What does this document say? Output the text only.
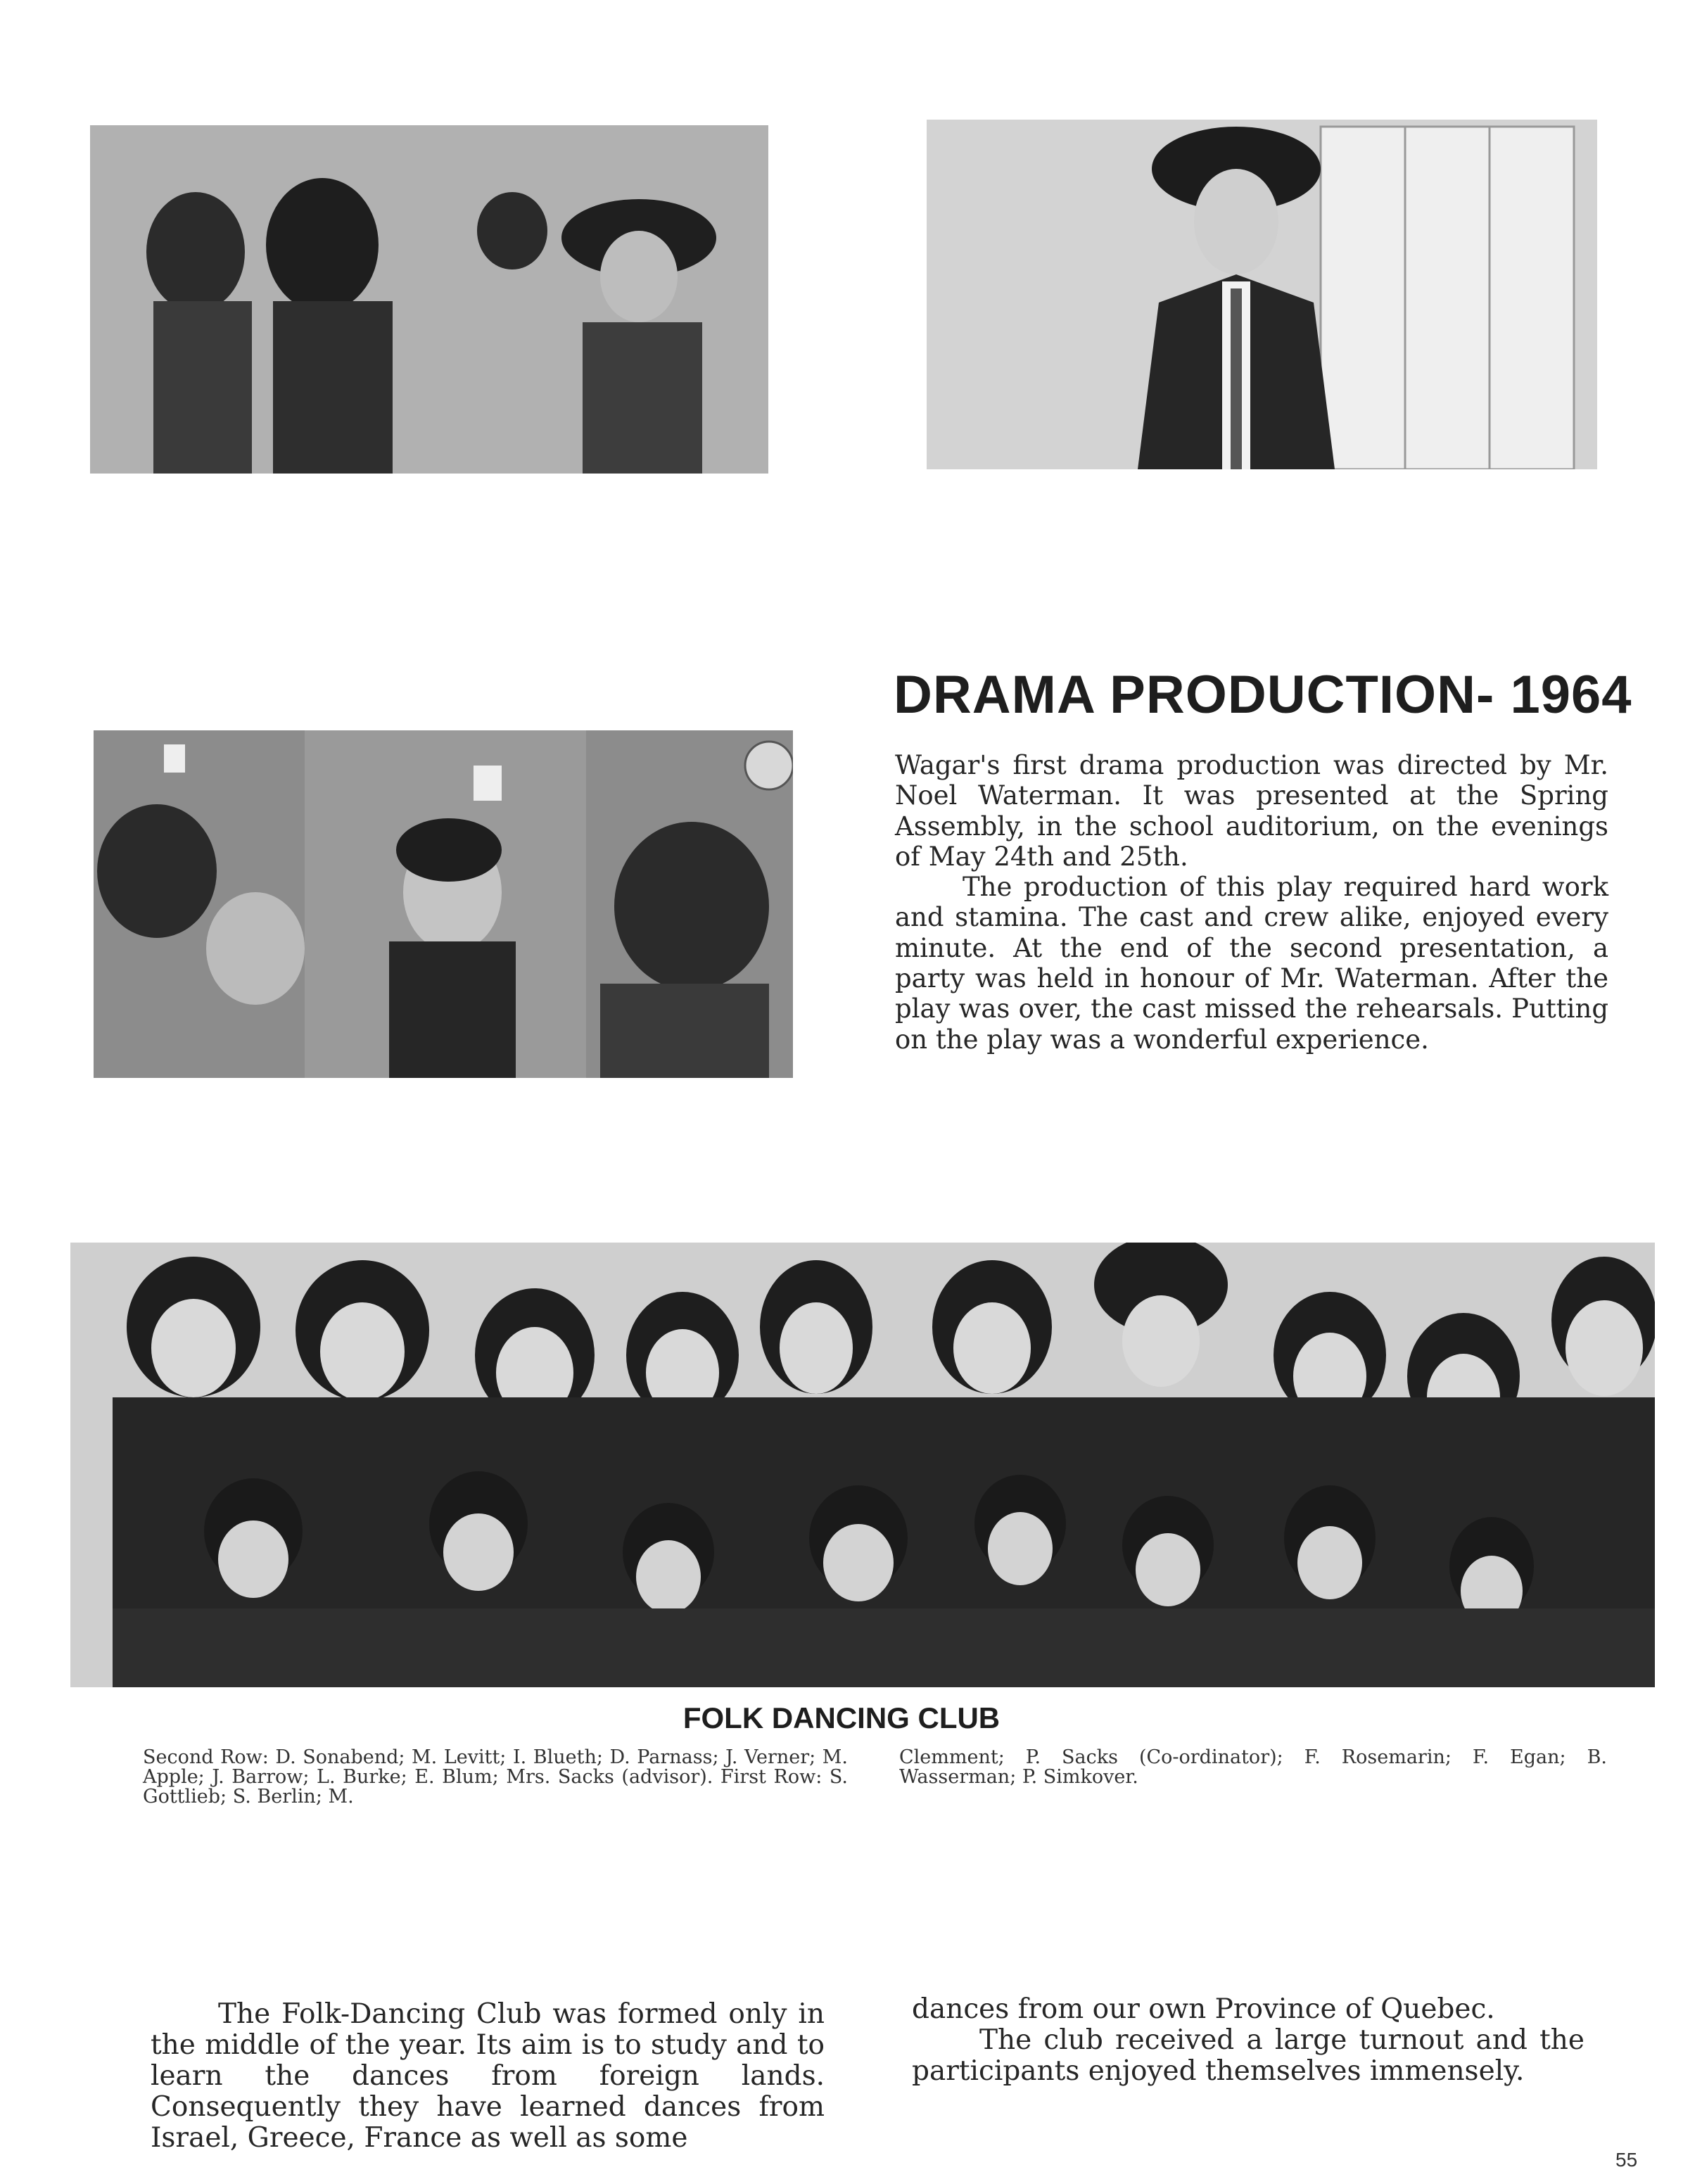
DRAMA PRODUCTION- 1964

Wagar's first drama production was directed by Mr. Noel Waterman. It was presented at the Spring Assembly, in the school auditorium, on the evenings of May 24th and 25th.

The production of this play required hard work and stamina. The cast and crew alike, enjoyed every minute. At the end of the second presentation, a party was held in honour of Mr. Waterman. After the play was over, the cast missed the rehearsals. Putting on the play was a wonderful experience.

FOLK DANCING CLUB
Second Row: D. Sonabend; M. Levitt; I. Blueth; D. Parnass; J. Verner; M. Apple; J. Barrow; L. Burke; E. Blum; Mrs. Sacks (advisor). First Row: S. Gottlieb; S. Berlin; M.
Clemment; P. Sacks (Co-ordinator); F. Rosemarin; F. Egan; B. Wasserman; P. Simkover.

The Folk-Dancing Club was formed only in the middle of the year. Its aim is to study and to learn the dances from foreign lands. Consequently they have learned dances from Israel, Greece, France as well as some

dances from our own Province of Quebec.

The club received a large turnout and the participants enjoyed themselves immensely.

55
